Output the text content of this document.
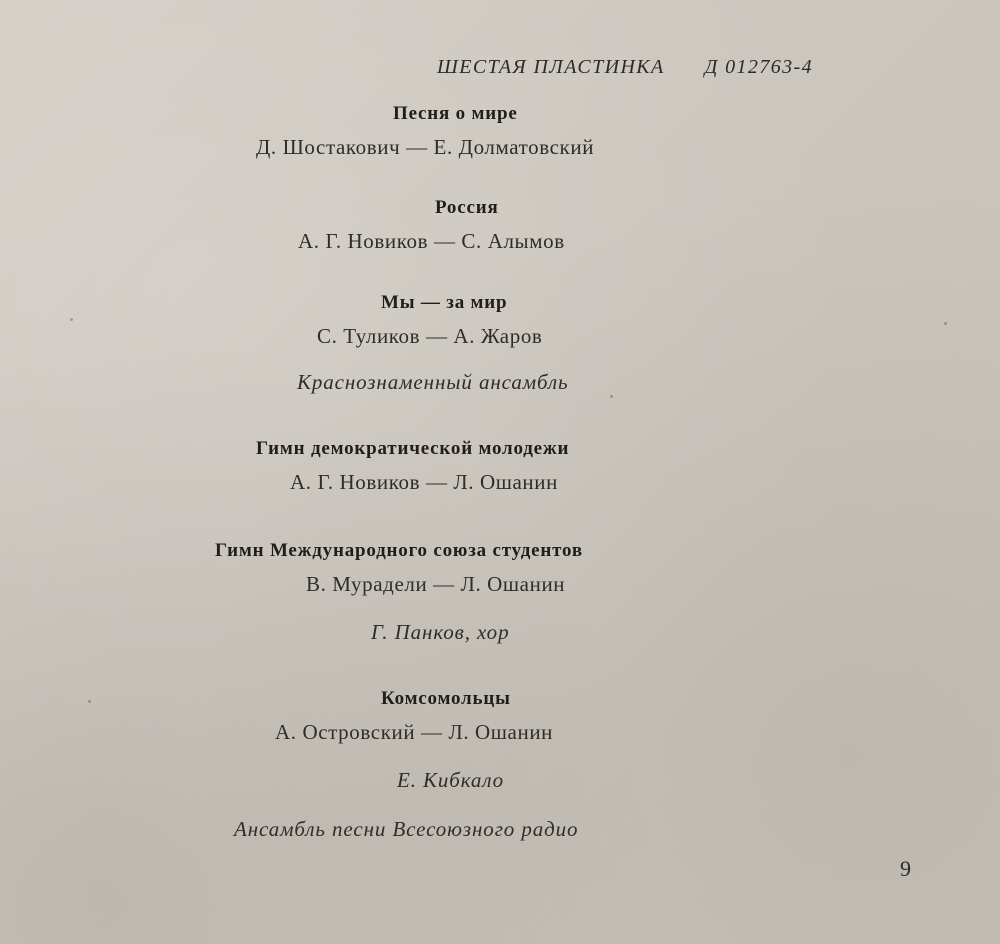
ШЕСТАЯ ПЛАСТИНКА Д 012763-4
Песня о мире
Д. Шостакович — Е. Долматовский
Россия
А. Г. Новиков — С. Алымов
Мы — за мир
С. Туликов — А. Жаров
Краснознаменный ансамбль
Гимн демократической молодежи
А. Г. Новиков — Л. Ошанин
Гимн Международного союза студентов
В. Мурадели — Л. Ошанин
Г. Панков, хор
Комсомольцы
А. Островский — Л. Ошанин
Е. Кибкало
Ансамбль песни Всесоюзного радио
9
